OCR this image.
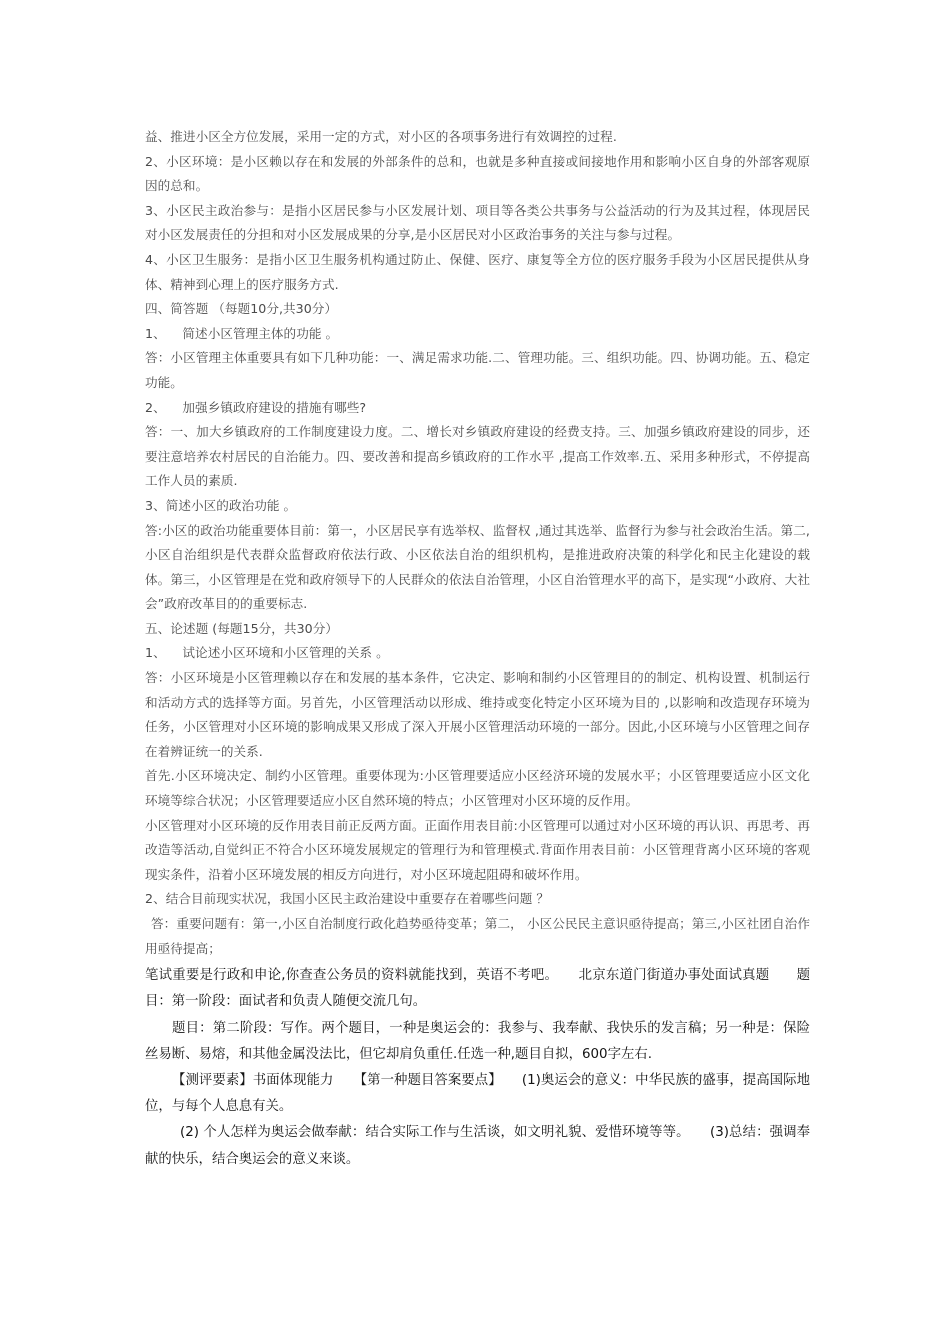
益、推进小区全方位发展，采用一定的方式，对小区的各项事务进行有效调控的过程.

2、小区环境：是小区赖以存在和发展的外部条件的总和，也就是多种直接或间接地作用和影响小区自身的外部客观原因的总和。

3、小区民主政治参与：是指小区居民参与小区发展计划、项目等各类公共事务与公益活动的行为及其过程，体现居民对小区发展责任的分担和对小区发展成果的分享,是小区居民对小区政治事务的关注与参与过程。

4、小区卫生服务：是指小区卫生服务机构通过防止、保健、医疗、康复等全方位的医疗服务手段为小区居民提供从身体、精神到心理上的医疗服务方式.

四、简答题 （每题10分,共30分）

1、 　简述小区管理主体的功能 。

答：小区管理主体重要具有如下几种功能：一、满足需求功能.二、管理功能。三、组织功能。四、协调功能。五、稳定功能。

2、 　加强乡镇政府建设的措施有哪些?

答：一、加大乡镇政府的工作制度建设力度。二、增长对乡镇政府建设的经费支持。三、加强乡镇政府建设的同步，还要注意培养农村居民的自治能力。四、要改善和提高乡镇政府的工作水平 ,提高工作效率.五、采用多种形式，不停提高工作人员的素质.

3、简述小区的政治功能 。

答:小区的政治功能重要体目前：第一，小区居民享有选举权、监督权 ,通过其选举、监督行为参与社会政治生活。第二,小区自治组织是代表群众监督政府依法行政、小区依法自治的组织机构，是推进政府决策的科学化和民主化建设的载体。第三，小区管理是在党和政府领导下的人民群众的依法自治管理，小区自治管理水平的高下，是实现“小政府、大社会”政府改革目的的重要标志.

五、论述题 (每题15分，共30分）

1、 　试论述小区环境和小区管理的关系 。

答：小区环境是小区管理赖以存在和发展的基本条件，它决定、影响和制约小区管理目的的制定、机构设置、机制运行和活动方式的选择等方面。另首先，小区管理活动以形成、维持或变化特定小区环境为目的 ,以影响和改造现存环境为任务，小区管理对小区环境的影响成果又形成了深入开展小区管理活动环境的一部分。因此,小区环境与小区管理之间存在着辨证统一的关系.

首先.小区环境决定、制约小区管理。重要体现为:小区管理要适应小区经济环境的发展水平；小区管理要适应小区文化环境等综合状况；小区管理要适应小区自然环境的特点；小区管理对小区环境的反作用。

小区管理对小区环境的反作用表目前正反两方面。正面作用表目前:小区管理可以通过对小区环境的再认识、再思考、再改造等活动,自觉纠正不符合小区环境发展规定的管理行为和管理模式.背面作用表目前：小区管理背离小区环境的客观现实条件，沿着小区环境发展的相反方向进行，对小区环境起阻碍和破坏作用。

2、结合目前现实状况，我国小区民主政治建设中重要存在着哪些问题 ？

答：重要问题有：第一,小区自治制度行政化趋势亟待变革；第二， 小区公民民主意识亟待提高；第三,小区社团自治作用亟待提高；

笔试重要是行政和申论,你查查公务员的资料就能找到，英语不考吧。　　北京东道门街道办事处面试真题　　题目：第一阶段：面试者和负责人随便交流几句。

题目：第二阶段：写作。两个题目，一种是奥运会的：我参与、我奉献、我快乐的发言稿；另一种是：保险丝易断、易熔，和其他金属没法比，但它却肩负重任.任选一种,题目自拟，600字左右.

【测评要素】书面体现能力　　【第一种题目答案要点】　　(1)奥运会的意义：中华民族的盛事，提高国际地位，与每个人息息有关。

(2) 个人怎样为奥运会做奉献：结合实际工作与生活谈，如文明礼貌、爱惜环境等等。　　(3)总结：强调奉献的快乐，结合奥运会的意义来谈。
